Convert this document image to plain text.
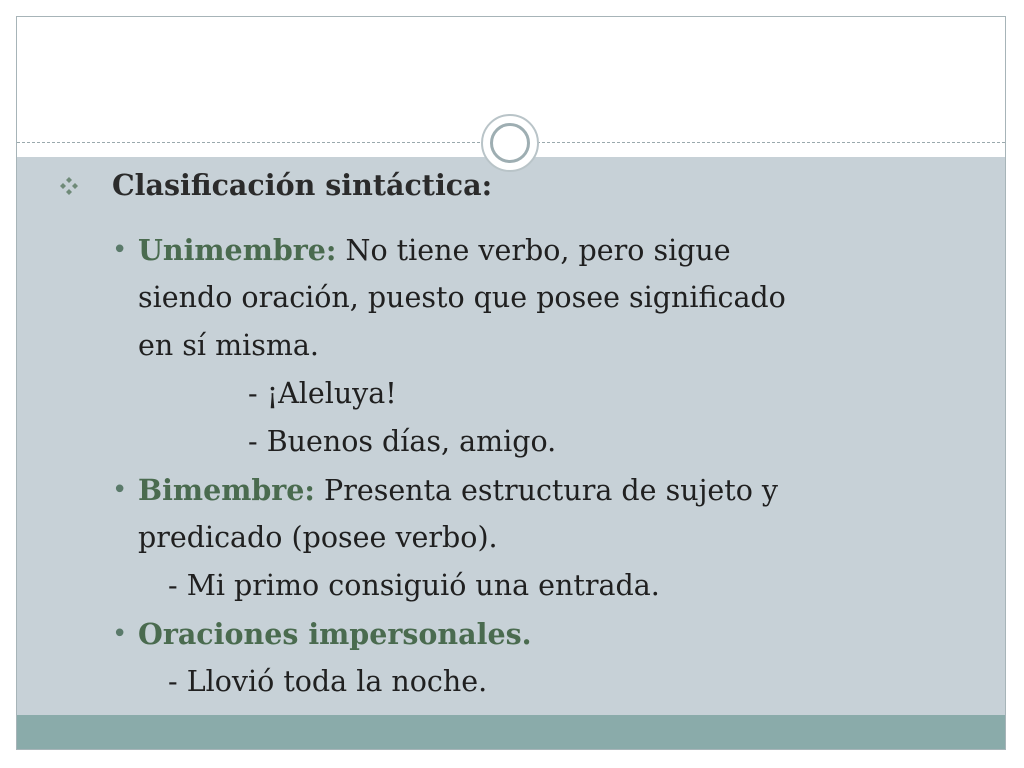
Clasificación sintáctica:
• Unimembre: No tiene verbo, pero sigue
siendo oración, puesto que posee significado
en sí misma.
- ¡Aleluya!
- Buenos días, amigo.
• Bimembre: Presenta estructura de sujeto y
predicado (posee verbo).
- Mi primo consiguió una entrada.
• Oraciones impersonales.
- Llovió toda la noche.
